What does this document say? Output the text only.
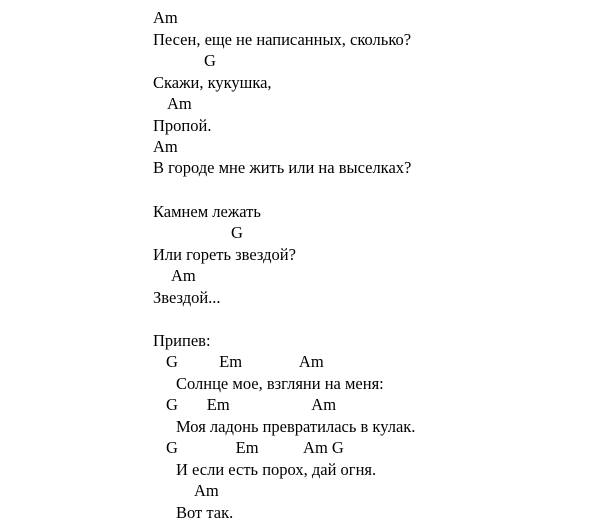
Am
Песен, еще не написанных, сколько?
G
Скажи, кукушка,
Am
Пропой.
Am
В городе мне жить или на выселках?
Камнем лежать
G
Или гореть звездой?
Am
Звездой...
Припев:
G          Em              Am
Солнце мое, взгляни на меня:
G       Em                    Am
Моя ладонь превратилась в кулак.
G              Em           Am G
И если есть порох, дай огня.
Am
Вот так.
